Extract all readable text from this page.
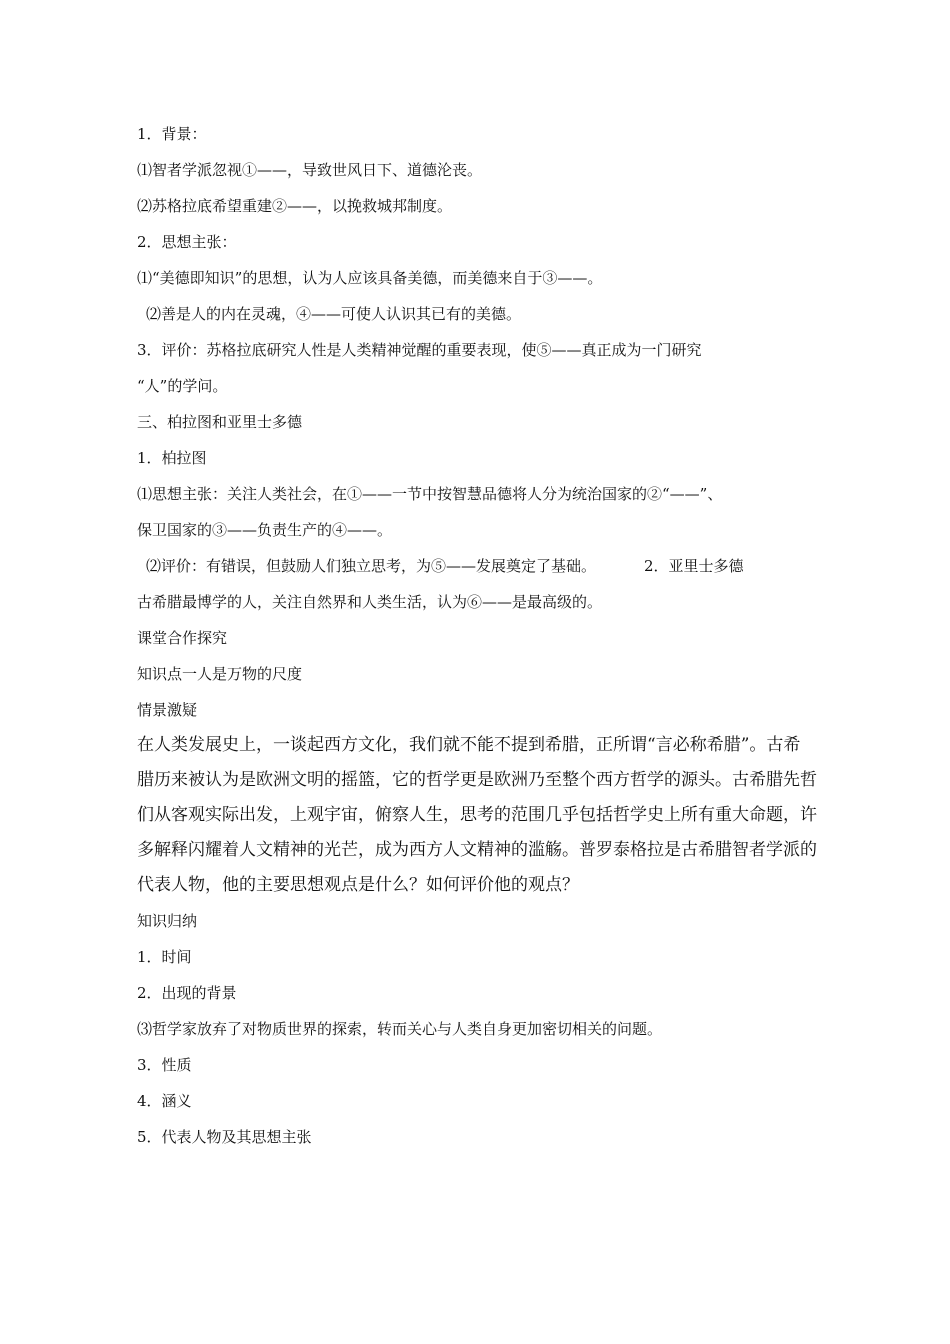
1．背景：
⑴智者学派忽视①——，导致世风日下、道德沦丧。
⑵苏格拉底希望重建②——，以挽救城邦制度。
2．思想主张：
⑴“美德即知识”的思想，认为人应该具备美德，而美德来自于③——。
⑵善是人的内在灵魂，④——可使人认识其已有的美德。
3．评价：苏格拉底研究人性是人类精神觉醒的重要表现，使⑤——真正成为一门研究
“人”的学问。
三、柏拉图和亚里士多德
1．柏拉图
⑴思想主张：关注人类社会，在①——一节中按智慧品德将人分为统治国家的②“——”、
保卫国家的③——负责生产的④——。
⑵评价：有错误，但鼓励人们独立思考，为⑤——发展奠定了基础。	2．亚里士多德
古希腊最博学的人，关注自然界和人类生活，认为⑥——是最高级的。
课堂合作探究
知识点一人是万物的尺度
情景激疑
在人类发展史上，一谈起西方文化，我们就不能不提到希腊，正所谓“言必称希腊”。古希
腊历来被认为是欧洲文明的摇篮，它的哲学更是欧洲乃至整个西方哲学的源头。古希腊先哲
们从客观实际出发，上观宇宙，俯察人生，思考的范围几乎包括哲学史上所有重大命题，许
多解释闪耀着人文精神的光芒，成为西方人文精神的滥觞。普罗泰格拉是古希腊智者学派的
代表人物，他的主要思想观点是什么？如何评价他的观点？
知识归纳
1．时间
2．出现的背景
⑶哲学家放弃了对物质世界的探索，转而关心与人类自身更加密切相关的问题。
3．性质
4．涵义
5．代表人物及其思想主张
